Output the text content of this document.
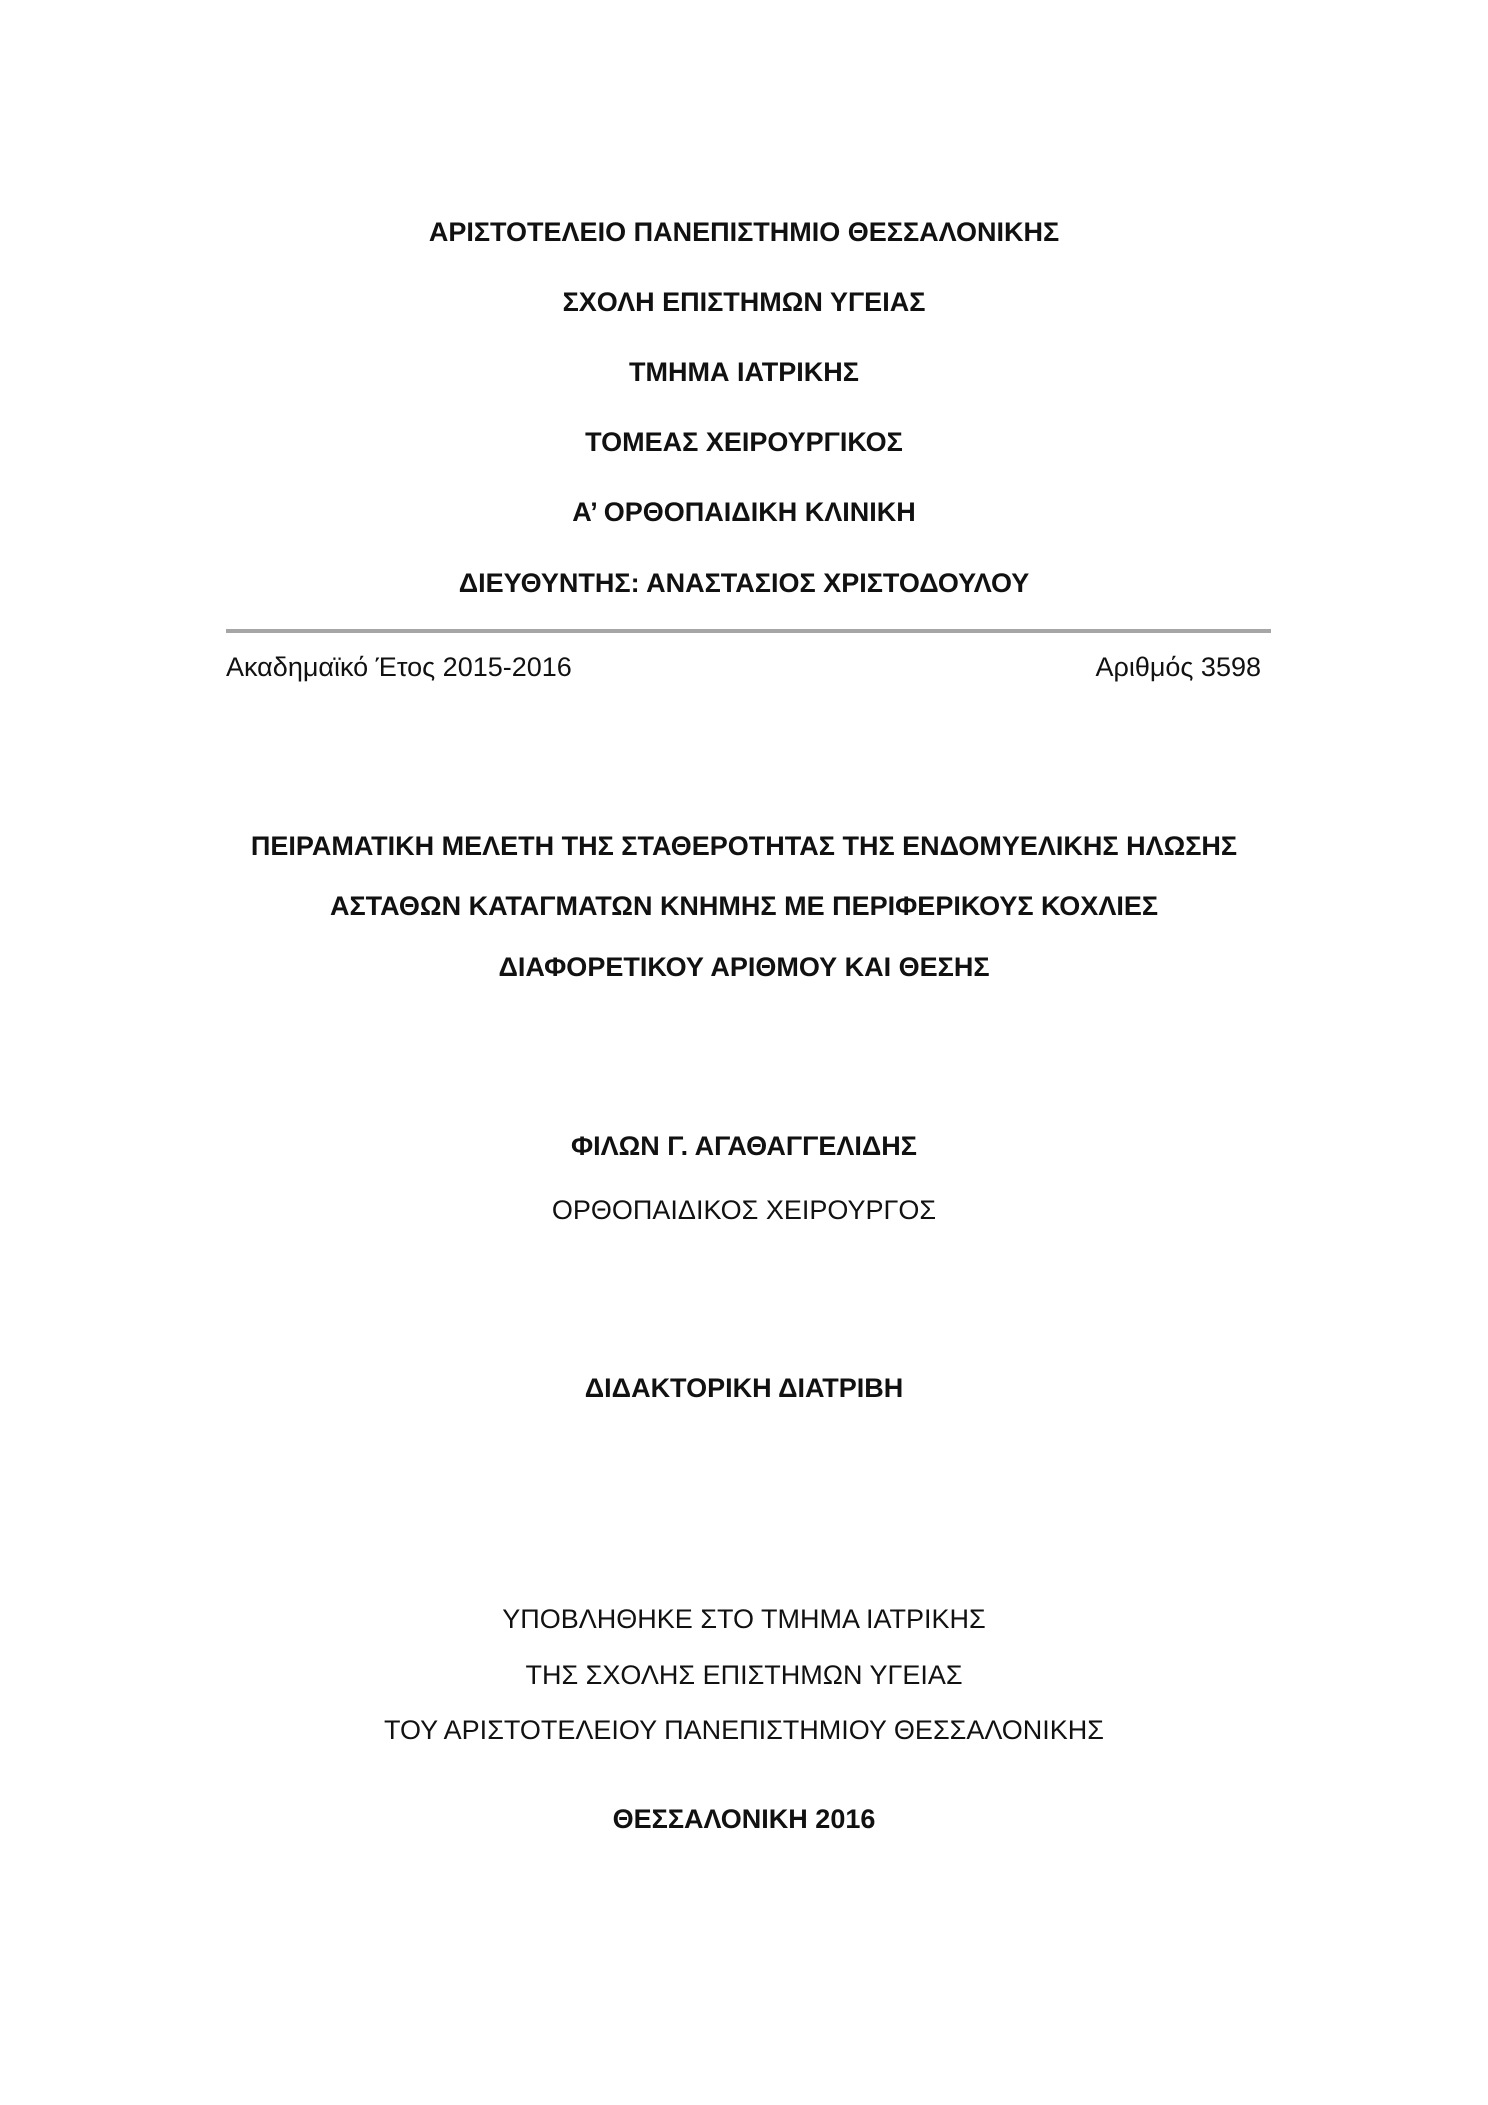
ΑΡΙΣΤΟΤΕΛΕΙΟ ΠΑΝΕΠΙΣΤΗΜΙΟ ΘΕΣΣΑΛΟΝΙΚΗΣ
ΣΧΟΛΗ ΕΠΙΣΤΗΜΩΝ ΥΓΕΙΑΣ
ΤΜΗΜΑ ΙΑΤΡΙΚΗΣ
ΤΟΜΕΑΣ ΧΕΙΡΟΥΡΓΙΚΟΣ
Α’ ΟΡΘΟΠΑΙΔΙΚΗ ΚΛΙΝΙΚΗ
ΔΙΕΥΘΥΝΤΗΣ: ΑΝΑΣΤΑΣΙΟΣ ΧΡΙΣΤΟΔΟΥΛΟΥ
Ακαδημαϊκό Έτος 2015-2016	Αριθμός 3598
ΠΕΙΡΑΜΑΤΙΚΗ ΜΕΛΕΤΗ ΤΗΣ ΣΤΑΘΕΡΟΤΗΤΑΣ ΤΗΣ ΕΝΔΟΜΥΕΛΙΚΗΣ ΗΛΩΣΗΣ
ΑΣΤΑΘΩΝ ΚΑΤΑΓΜΑΤΩΝ ΚΝΗΜΗΣ ΜΕ ΠΕΡΙΦΕΡΙΚΟΥΣ ΚΟΧΛΙΕΣ
ΔΙΑΦΟΡΕΤΙΚΟΥ ΑΡΙΘΜΟΥ ΚΑΙ ΘΕΣΗΣ
ΦΙΛΩΝ Γ. ΑΓΑΘΑΓΓΕΛΙΔΗΣ
ΟΡΘΟΠΑΙΔΙΚΟΣ ΧΕΙΡΟΥΡΓΟΣ
ΔΙΔΑΚΤΟΡΙΚΗ ΔΙΑΤΡΙΒΗ
ΥΠΟΒΛΗΘΗΚΕ ΣΤΟ ΤΜΗΜΑ ΙΑΤΡΙΚΗΣ
ΤΗΣ ΣΧΟΛΗΣ ΕΠΙΣΤΗΜΩΝ ΥΓΕΙΑΣ
ΤΟΥ ΑΡΙΣΤΟΤΕΛΕΙΟΥ ΠΑΝΕΠΙΣΤΗΜΙΟΥ ΘΕΣΣΑΛΟΝΙΚΗΣ
ΘΕΣΣΑΛΟΝΙΚΗ 2016
